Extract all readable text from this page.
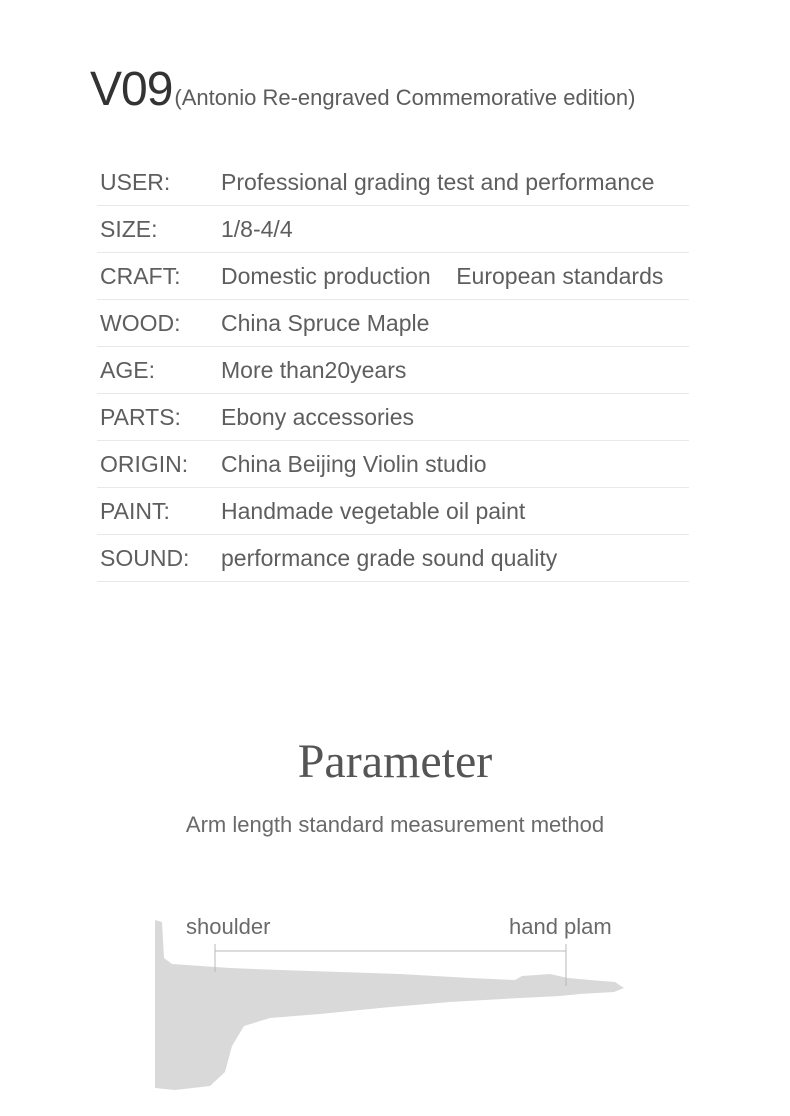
V09(Antonio Re-engraved Commemorative edition)
USER:	Professional grading test and performance
SIZE:	1/8-4/4
CRAFT:	Domestic production    European standards
WOOD:	China Spruce Maple
AGE:	More than20years
PARTS:	Ebony accessories
ORIGIN:	China Beijing Violin studio
PAINT:	Handmade vegetable oil paint
SOUND:	performance grade sound quality
Parameter
Arm length standard measurement method
shoulder	hand plam
